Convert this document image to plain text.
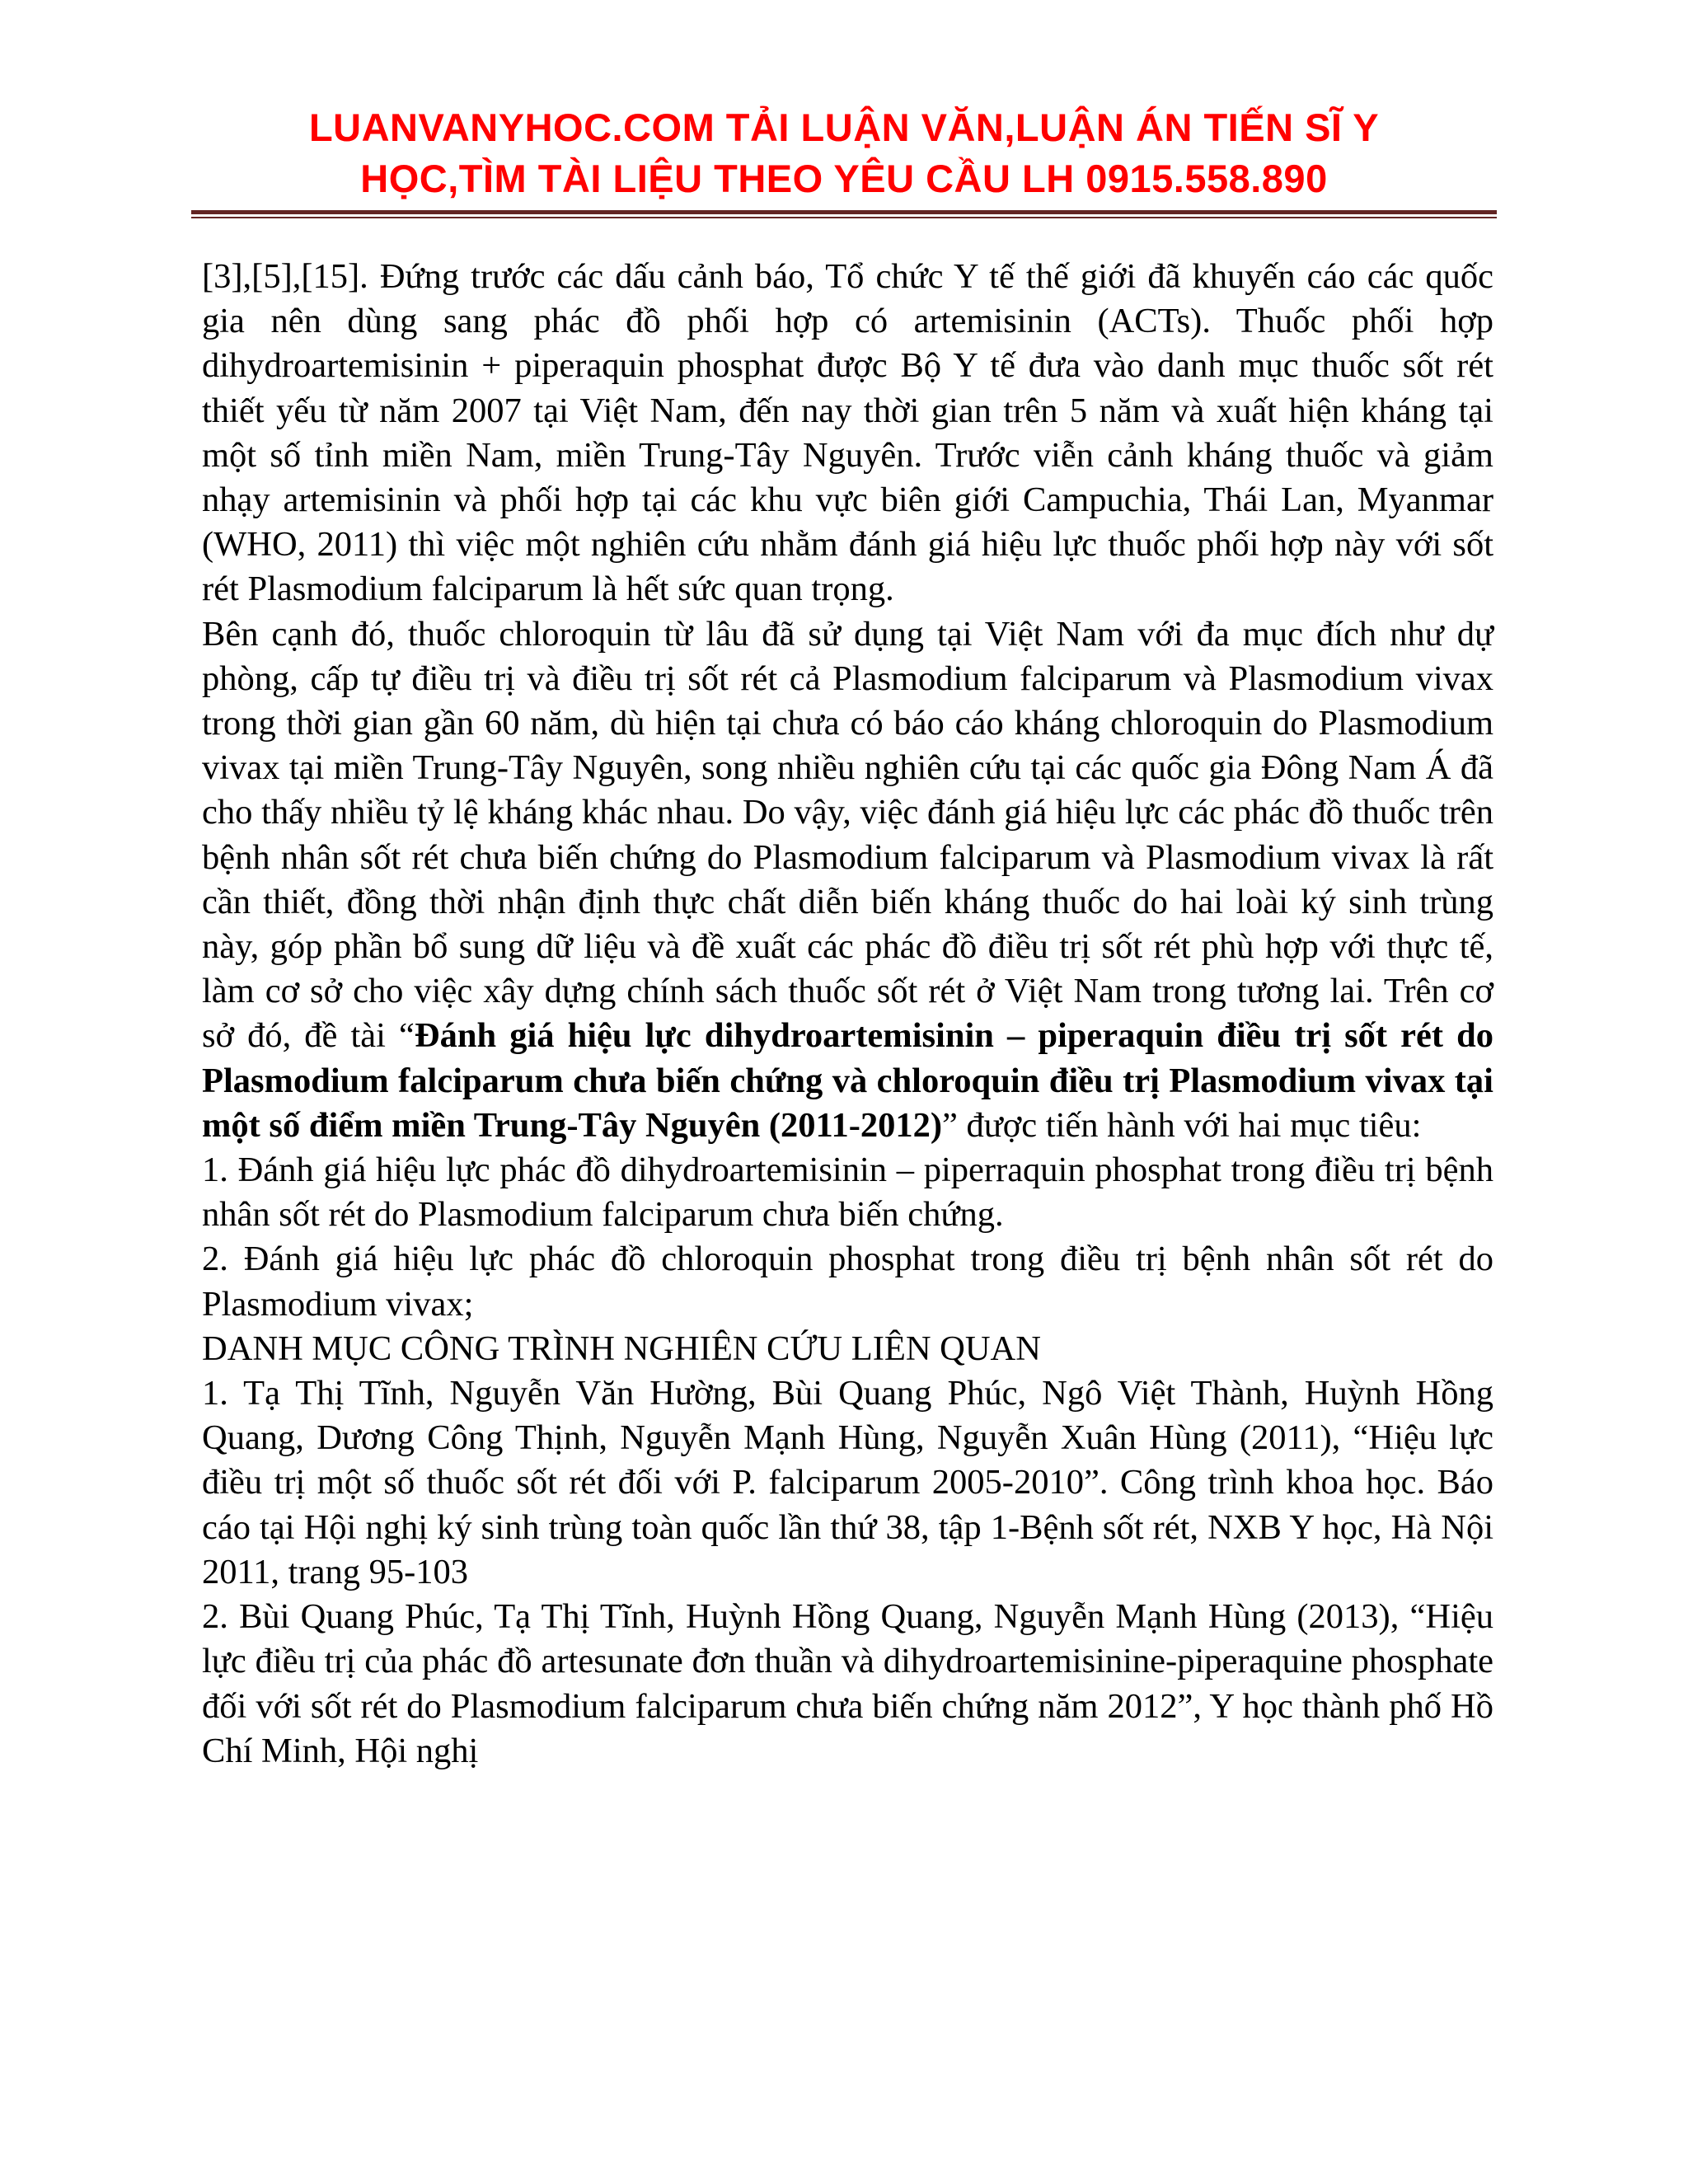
LUANVANYHOC.COM TẢI LUẬN VĂN,LUẬN ÁN TIẾN SĨ Y
HỌC,TÌM TÀI LIỆU THEO YÊU CẦU LH 0915.558.890

[3],[5],[15]. Đứng trước các dấu cảnh báo, Tổ chức Y tế thế giới đã khuyến cáo các quốc gia nên dùng sang phác đồ phối hợp có artemisinin (ACTs). Thuốc phối hợp dihydroartemisinin + piperaquin phosphat được Bộ Y tế đưa vào danh mục thuốc sốt rét thiết yếu từ năm 2007 tại Việt Nam, đến nay thời gian trên 5 năm và xuất hiện kháng tại một số tỉnh miền Nam, miền Trung-Tây Nguyên. Trước viễn cảnh kháng thuốc và giảm nhạy artemisinin và phối hợp tại các khu vực biên giới Campuchia, Thái Lan, Myanmar (WHO, 2011) thì việc một nghiên cứu nhằm đánh giá hiệu lực thuốc phối hợp này với sốt rét Plasmodium falciparum là hết sức quan trọng.

Bên cạnh đó, thuốc chloroquin từ lâu đã sử dụng tại Việt Nam với đa mục đích như dự phòng, cấp tự điều trị và điều trị sốt rét cả Plasmodium falciparum và Plasmodium vivax trong thời gian gần 60 năm, dù hiện tại chưa có báo cáo kháng chloroquin do Plasmodium vivax tại miền Trung-Tây Nguyên, song nhiều nghiên cứu tại các quốc gia Đông Nam Á đã cho thấy nhiều tỷ lệ kháng khác nhau. Do vậy, việc đánh giá hiệu lực các phác đồ thuốc trên bệnh nhân sốt rét chưa biến chứng do Plasmodium falciparum và Plasmodium vivax là rất cần thiết, đồng thời nhận định thực chất diễn biến kháng thuốc do hai loài ký sinh trùng này, góp phần bổ sung dữ liệu và đề xuất các phác đồ điều trị sốt rét phù hợp với thực tế, làm cơ sở cho việc xây dựng chính sách thuốc sốt rét ở Việt Nam trong tương lai. Trên cơ sở đó, đề tài “Đánh giá hiệu lực dihydroartemisinin – piperaquin điều trị sốt rét do Plasmodium falciparum chưa biến chứng và chloroquin điều trị Plasmodium vivax tại một số điểm miền Trung-Tây Nguyên (2011-2012)” được tiến hành với hai mục tiêu:

1. Đánh giá hiệu lực phác đồ dihydroartemisinin – piperraquin phosphat trong điều trị bệnh nhân sốt rét do Plasmodium falciparum chưa biến chứng.

2. Đánh giá hiệu lực phác đồ chloroquin phosphat trong điều trị bệnh nhân sốt rét do Plasmodium vivax;

DANH MỤC CÔNG TRÌNH NGHIÊN CỨU LIÊN QUAN

1. Tạ Thị Tĩnh, Nguyễn Văn Hường, Bùi Quang Phúc, Ngô Việt Thành, Huỳnh Hồng Quang, Dương Công Thịnh, Nguyễn Mạnh Hùng, Nguyễn Xuân Hùng (2011), “Hiệu lực điều trị một số thuốc sốt rét đối với P. falciparum 2005-2010”. Công trình khoa học. Báo cáo tại Hội nghị ký sinh trùng toàn quốc lần thứ 38, tập 1-Bệnh sốt rét, NXB Y học, Hà Nội 2011, trang 95-103

2. Bùi Quang Phúc, Tạ Thị Tĩnh, Huỳnh Hồng Quang, Nguyễn Mạnh Hùng (2013), “Hiệu lực điều trị của phác đồ artesunate đơn thuần và dihydroartemisinine-piperaquine phosphate đối với sốt rét do Plasmodium falciparum chưa biến chứng năm 2012”, Y học thành phố Hồ Chí Minh, Hội nghị
